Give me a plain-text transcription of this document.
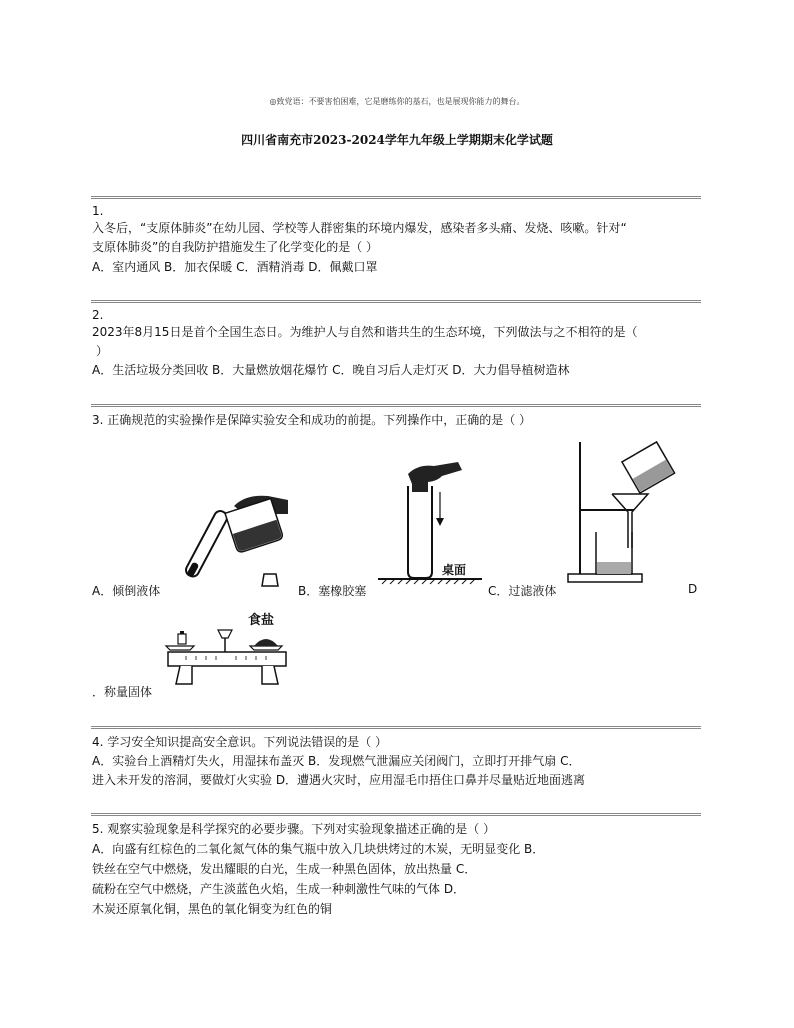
◎致党语：不要害怕困难，它是磨练你的基石，也是展现你能力的舞台。
四川省南充市2023-2024学年九年级上学期期末化学试题
1.
入冬后，“支原体肺炎”在幼儿园、学校等人群密集的环境内爆发，感染者多头痛、发烧、咳嗽。针对“
支原体肺炎”的自我防护措施发生了化学变化的是（ ）
A．室内通风 B．加衣保暖 C．酒精消毒 D．佩戴口罩
2.
2023年8月15日是首个全国生态日。为维护人与自然和谐共生的生态环境，下列做法与之不相符的是（
）
A．生活垃圾分类回收 B．大量燃放烟花爆竹 C．晚自习后人走灯灭 D．大力倡导植树造林
3. 正确规范的实验操作是保障实验安全和成功的前提。下列操作中，正确的是（ ）
A．倾倒液体
桌面
B．塞橡胶塞	C．过滤液体	D
食盐
．称量固体
4. 学习安全知识提高安全意识。下列说法错误的是（ ）
A．实验台上酒精灯失火，用湿抹布盖灭 B．发现燃气泄漏应关闭阀门，立即打开排气扇 C．
进入未开发的溶洞，要做灯火实验 D．遭遇火灾时，应用湿毛巾捂住口鼻并尽量贴近地面逃离
5. 观察实验现象是科学探究的必要步骤。下列对实验现象描述正确的是（ ）
A．向盛有红棕色的二氧化氮气体的集气瓶中放入几块烘烤过的木炭，无明显变化 B．
铁丝在空气中燃烧，发出耀眼的白光，生成一种黑色固体，放出热量 C．
硫粉在空气中燃烧，产生淡蓝色火焰，生成一种刺激性气味的气体 D．
木炭还原氧化铜，黑色的氧化铜变为红色的铜
